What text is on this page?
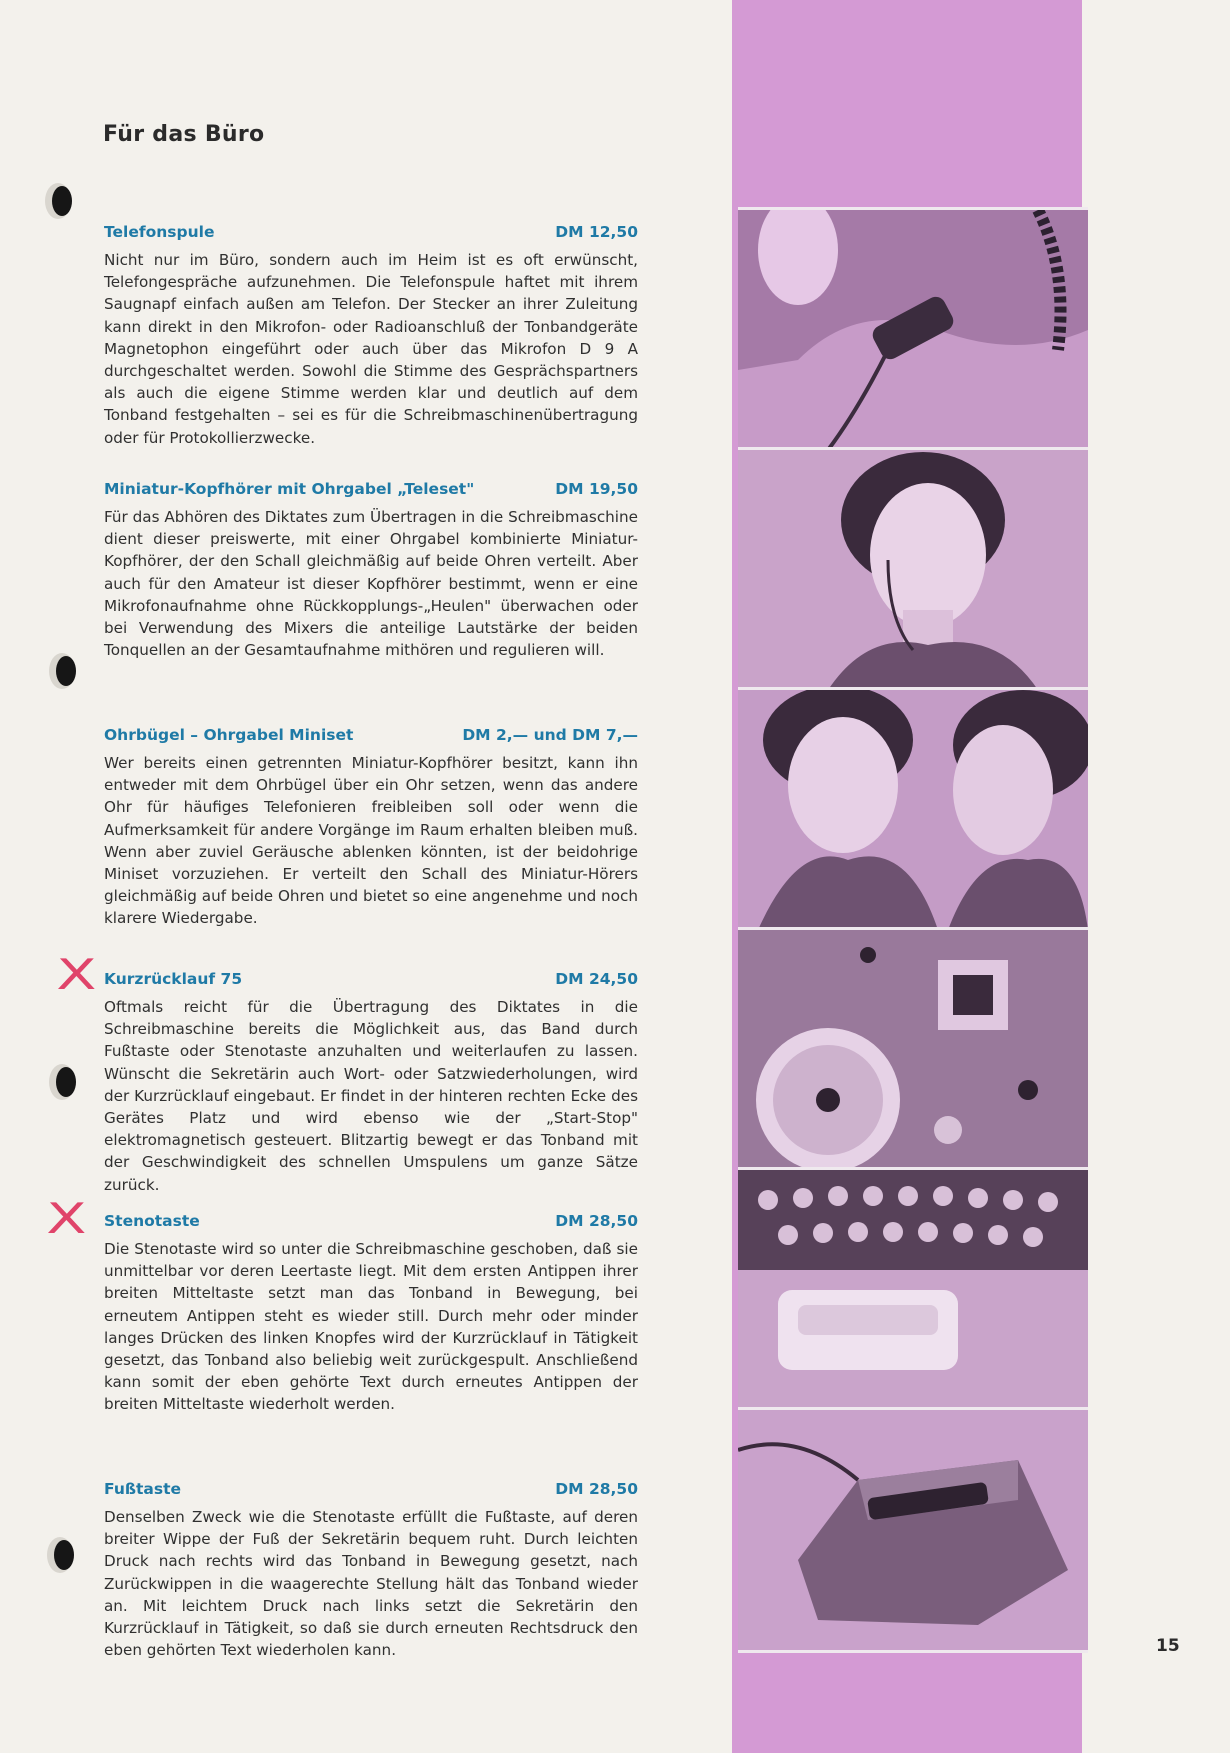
Für das Büro
X
X
Telefonspule	DM 12,50

Nicht nur im Büro, sondern auch im Heim ist es oft erwünscht, Telefongespräche aufzunehmen. Die Telefonspule haftet mit ihrem Saugnapf einfach außen am Telefon. Der Stecker an ihrer Zuleitung kann direkt in den Mikrofon- oder Radioanschluß der Tonbandgeräte Magnetophon eingeführt oder auch über das Mikrofon D 9 A durchgeschaltet werden. Sowohl die Stimme des Gesprächspartners als auch die eigene Stimme werden klar und deutlich auf dem Tonband festgehalten – sei es für die Schreibmaschinenübertragung oder für Protokollierzwecke.

Miniatur-Kopfhörer mit Ohrgabel „Teleset"	DM 19,50

Für das Abhören des Diktates zum Übertragen in die Schreibmaschine dient dieser preiswerte, mit einer Ohrgabel kombinierte Miniatur-Kopfhörer, der den Schall gleichmäßig auf beide Ohren verteilt. Aber auch für den Amateur ist dieser Kopfhörer bestimmt, wenn er eine Mikrofonaufnahme ohne Rückkopplungs-„Heulen" überwachen oder bei Verwendung des Mixers die anteilige Lautstärke der beiden Tonquellen an der Gesamtaufnahme mithören und regulieren will.

Ohrbügel – Ohrgabel Miniset	DM 2,— und DM 7,—

Wer bereits einen getrennten Miniatur-Kopfhörer besitzt, kann ihn entweder mit dem Ohrbügel über ein Ohr setzen, wenn das andere Ohr für häufiges Telefonieren freibleiben soll oder wenn die Aufmerksamkeit für andere Vorgänge im Raum erhalten bleiben muß. Wenn aber zuviel Geräusche ablenken könnten, ist der beidohrige Miniset vorzuziehen. Er verteilt den Schall des Miniatur-Hörers gleichmäßig auf beide Ohren und bietet so eine angenehme und noch klarere Wiedergabe.

Kurzrücklauf 75	DM 24,50

Oftmals reicht für die Übertragung des Diktates in die Schreibmaschine bereits die Möglichkeit aus, das Band durch Fußtaste oder Stenotaste anzuhalten und weiterlaufen zu lassen. Wünscht die Sekretärin auch Wort- oder Satzwiederholungen, wird der Kurzrücklauf eingebaut. Er findet in der hinteren rechten Ecke des Gerätes Platz und wird ebenso wie der „Start-Stop" elektromagnetisch gesteuert. Blitzartig bewegt er das Tonband mit der Geschwindigkeit des schnellen Umspulens um ganze Sätze zurück.

Stenotaste	DM 28,50

Die Stenotaste wird so unter die Schreibmaschine geschoben, daß sie unmittelbar vor deren Leertaste liegt. Mit dem ersten Antippen ihrer breiten Mitteltaste setzt man das Tonband in Bewegung, bei erneutem Antippen steht es wieder still. Durch mehr oder minder langes Drücken des linken Knopfes wird der Kurzrücklauf in Tätigkeit gesetzt, das Tonband also beliebig weit zurückgespult. Anschließend kann somit der eben gehörte Text durch erneutes Antippen der breiten Mitteltaste wiederholt werden.

Fußtaste	DM 28,50

Denselben Zweck wie die Stenotaste erfüllt die Fußtaste, auf deren breiter Wippe der Fuß der Sekretärin bequem ruht. Durch leichten Druck nach rechts wird das Tonband in Bewegung gesetzt, nach Zurückwippen in die waagerechte Stellung hält das Tonband wieder an. Mit leichtem Druck nach links setzt die Sekretärin den Kurzrücklauf in Tätigkeit, so daß sie durch erneuten Rechtsdruck den eben gehörten Text wiederholen kann.	15
